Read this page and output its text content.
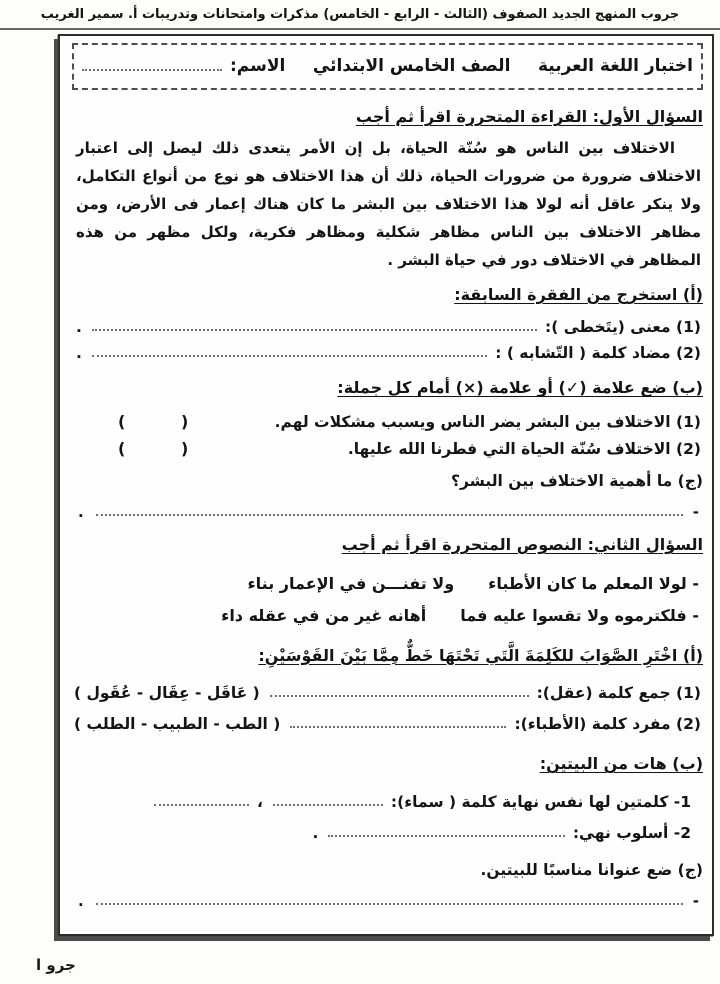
جروب المنهج الجديد الصفوف (الثالث - الرابع - الخامس) مذكرات وامتحانات وتدريبات أ. سمير الغريب
اختبار اللغة العربية
الصف الخامس الابتدائي
الاسم:
السؤال الأول: القراءة المتحررة اقرأ ثم أجب
الاختلاف بين الناس هو سُنّة الحياة، بل إن الأمر يتعدى ذلك ليصل إلى اعتبار الاختلاف ضرورة من ضرورات الحياة، ذلك أن هذا الاختلاف هو نوع من أنواع التكامل، ولا ينكر عاقل أنه لولا هذا الاختلاف بين البشر ما كان هناك إعمار فى الأرض، ومن مظاهر الاختلاف بين الناس مظاهر شكلية ومظاهر فكرية، ولكل مظهر من هذه المظاهر في الاختلاف دور في حياة البشر .
(أ) استخرج من الفقرة السابقة:
(1) معنى (يتَخطى ):
.
(2) مضاد كلمة ( التّشابه ) :
.
(ب) ضع علامة (✓) أو علامة (×) أمام كل جملة:
(1) الاختلاف بين البشر يضر الناس ويسبب مشكلات لهم.
(          )
(2) الاختلاف سُنّة الحياة التي فطرنا الله عليها.
(          )
(ج) ما أهمية الاختلاف بين البشر؟
-
.
السؤال الثاني: النصوص المتحررة اقرأ ثم أجب
- لولا المعلم ما كان الأطباء
ولا تفنـــن في الإعمار بناء
- فلكترموه ولا تقسوا عليه فما
أهانه غير من في عقله داء
(أ) اخْتَرِ الصَّوَابَ للكَلِمَةَ الَّتَي تَحْتَهَا خَطٌّ مِمَّا بَيْنَ القَوْسَيْنِ:
(1) جمع كلمة (عقل):
( عَاقَل - عِقَال - عُقَول )
(2) مفرد كلمة (الأطباء):
( الطب - الطبيب - الطلب )
(ب) هات من البيتين:
1- كلمتين لها نفس نهاية كلمة ( سماء):
،
2- أسلوب نهي:
.
(ج) ضع عنوانا مناسبًا للبيتين.
-
.
جرو ا
